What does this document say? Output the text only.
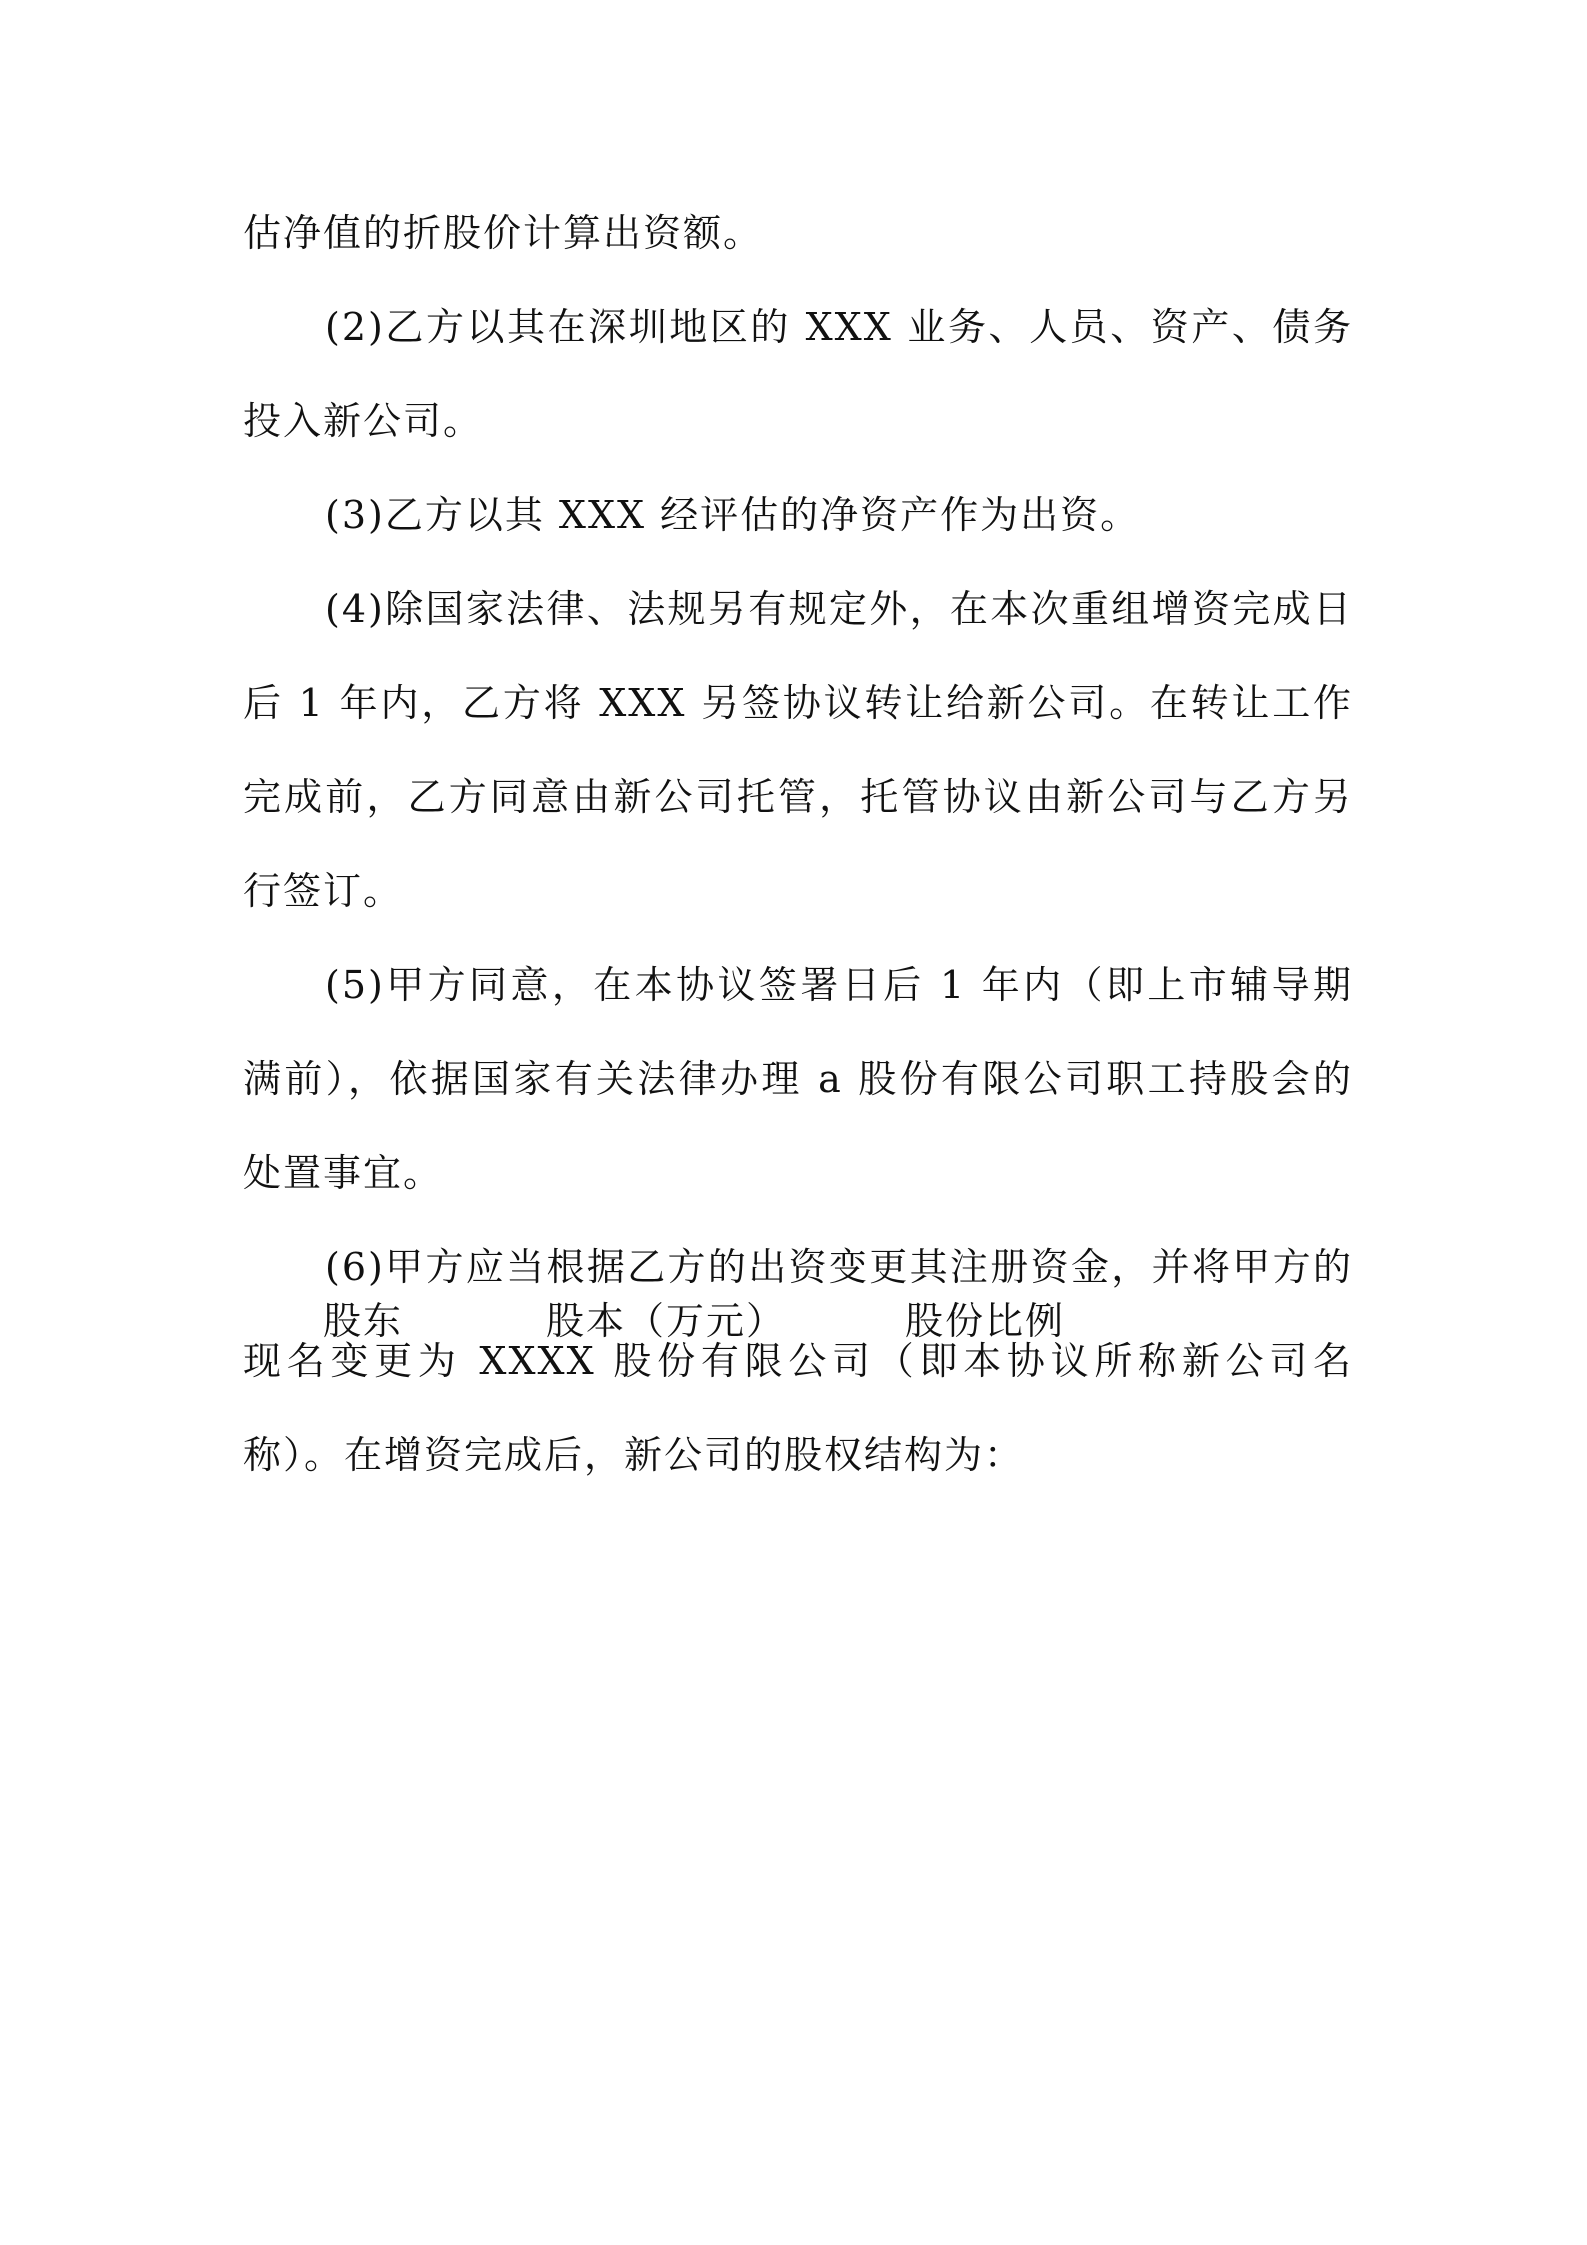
估净值的折股价计算出资额。

(2)乙方以其在深圳地区的 XXX 业务、人员、资产、债务投入新公司。

(3)乙方以其 XXX 经评估的净资产作为出资。

(4)除国家法律、法规另有规定外，在本次重组增资完成日后 1 年内，乙方将 XXX 另签协议转让给新公司。在转让工作完成前，乙方同意由新公司托管，托管协议由新公司与乙方另行签订。

(5)甲方同意，在本协议签署日后 1 年内（即上市辅导期满前），依据国家有关法律办理 a 股份有限公司职工持股会的处置事宜。

(6)甲方应当根据乙方的出资变更其注册资金，并将甲方的现名变更为 XXXX 股份有限公司（即本协议所称新公司名称）。在增资完成后，新公司的股权结构为：

股东	股本（万元）	股份比例
